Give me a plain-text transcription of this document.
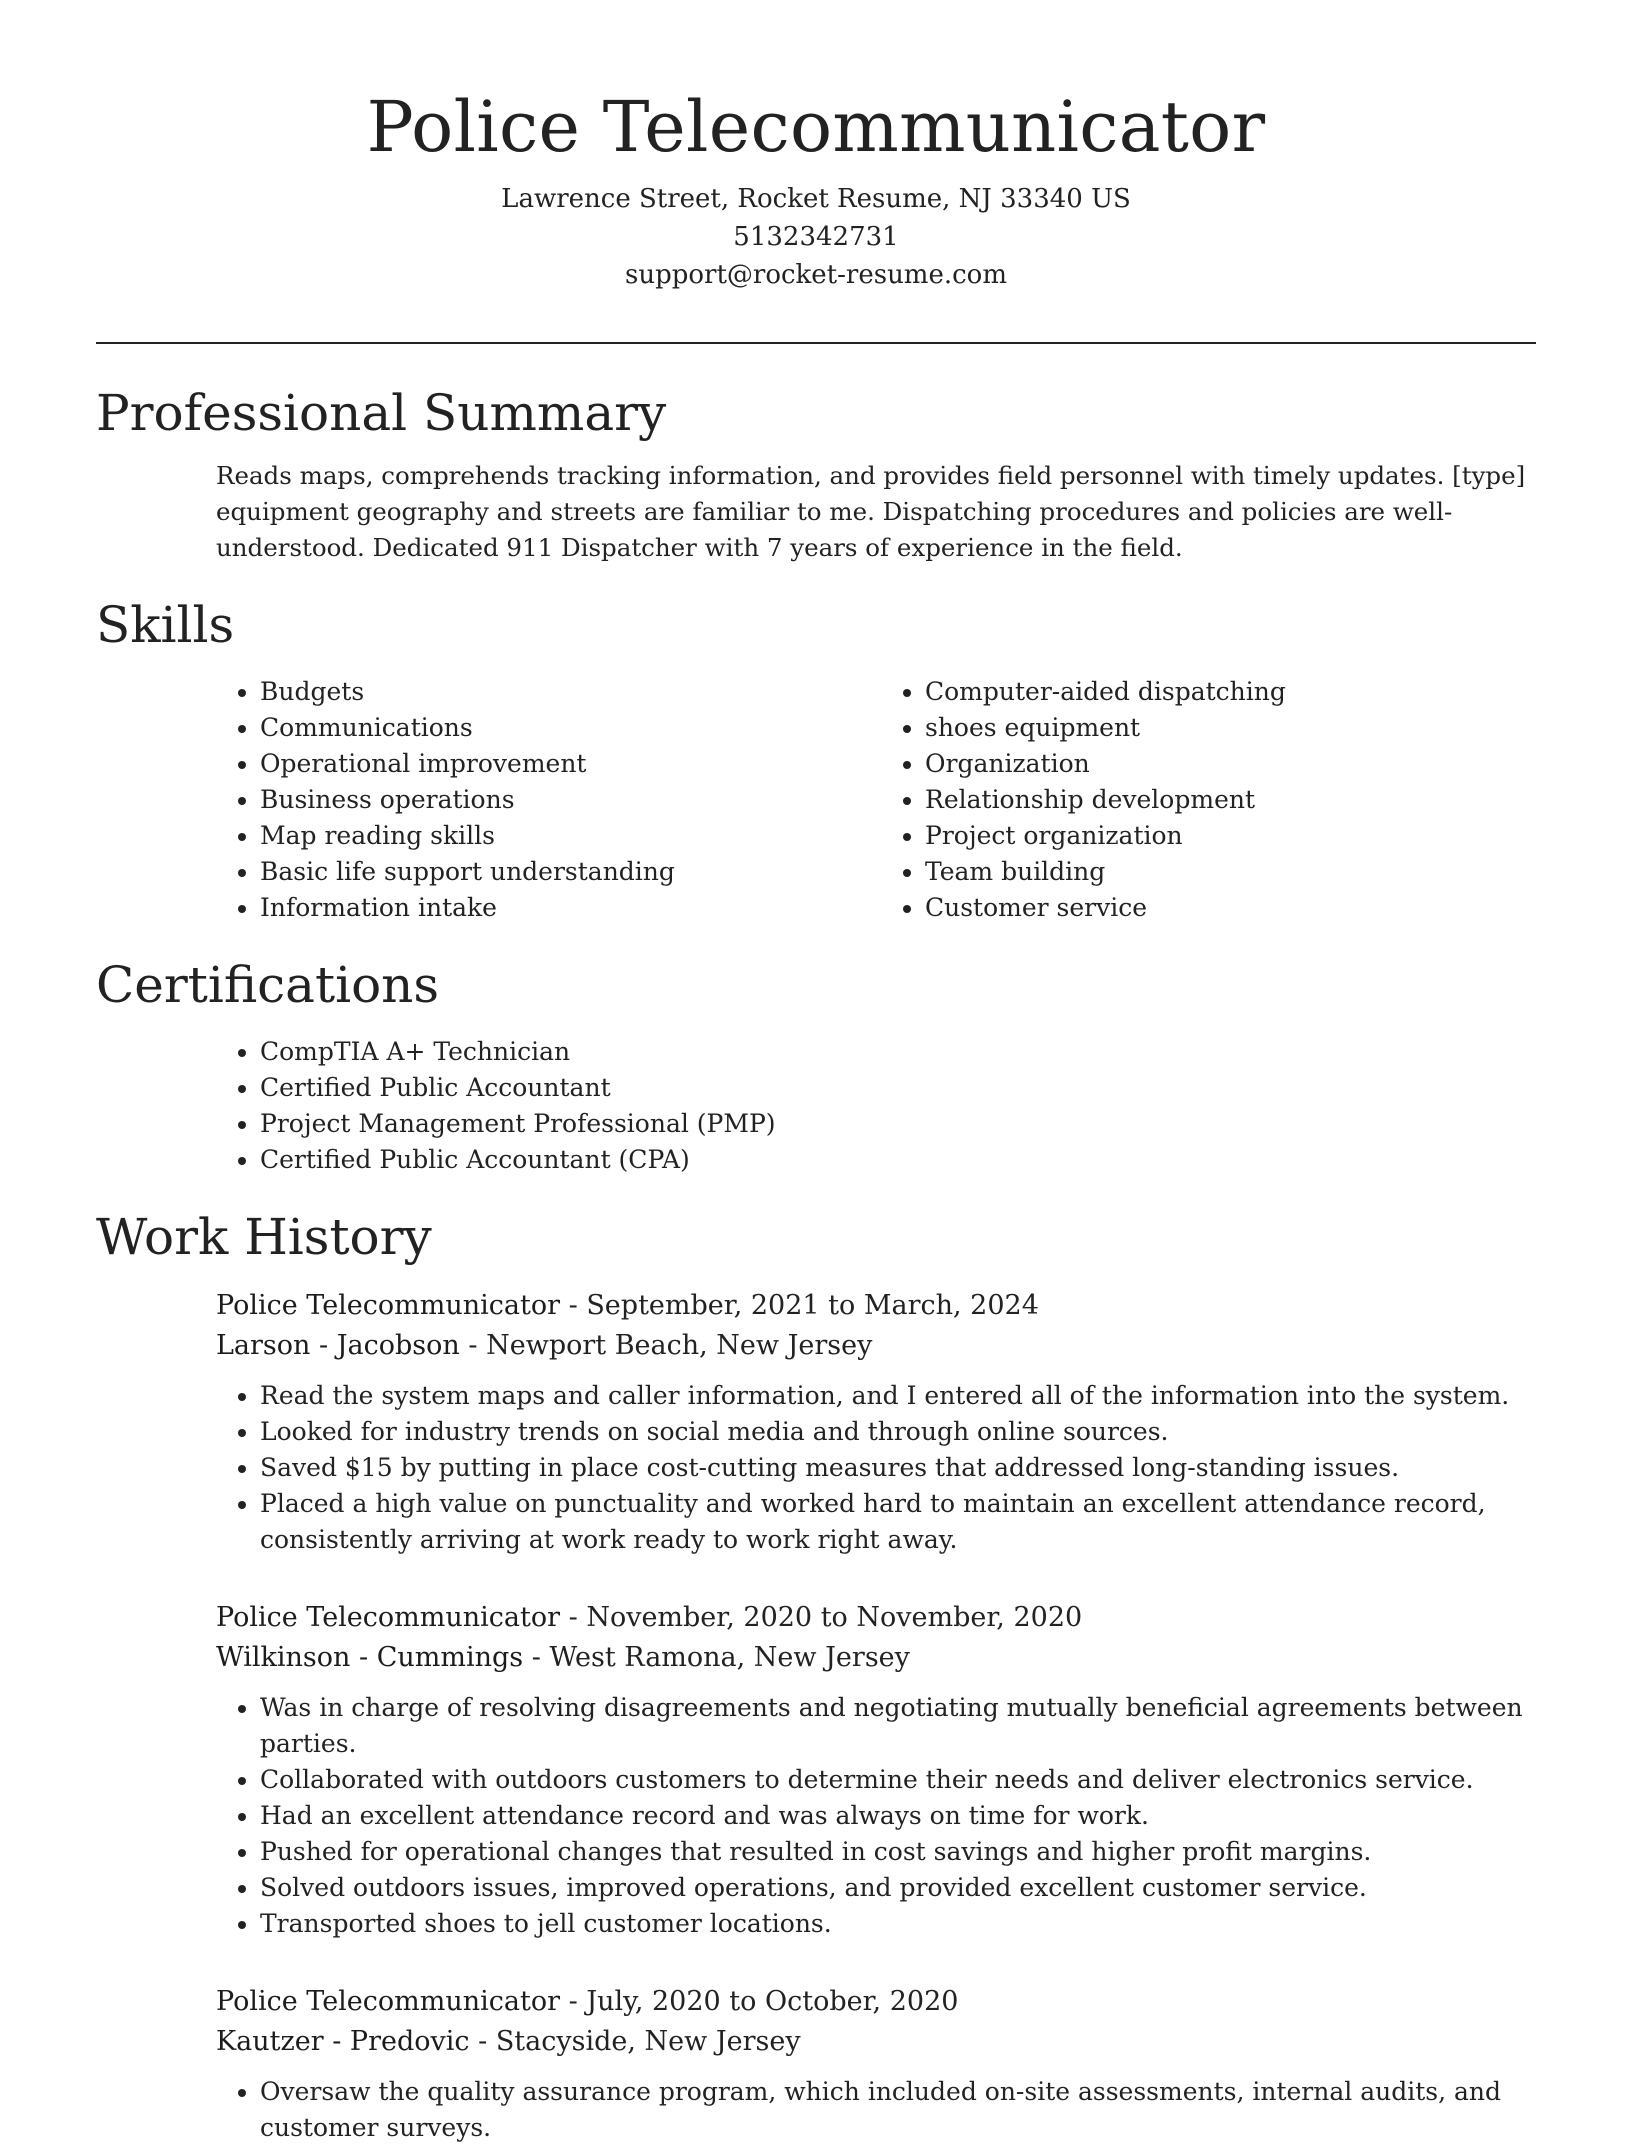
Police Telecommunicator
Lawrence Street, Rocket Resume, NJ 33340 US
5132342731
support@rocket-resume.com
Professional Summary

Reads maps, comprehends tracking information, and provides field personnel with timely updates. [type] equipment geography and streets are familiar to me. Dispatching procedures and policies are well-understood. Dedicated 911 Dispatcher with 7 years of experience in the field.

Skills
• Budgets
• Communications
• Operational improvement
• Business operations
• Map reading skills
• Basic life support understanding
• Information intake
• Computer-aided dispatching
• shoes equipment
• Organization
• Relationship development
• Project organization
• Team building
• Customer service
Certifications
• CompTIA A+ Technician
• Certified Public Accountant
• Project Management Professional (PMP)
• Certified Public Accountant (CPA)
Work History
Police Telecommunicator - September, 2021 to March, 2024
Larson - Jacobson - Newport Beach, New Jersey
• Read the system maps and caller information, and I entered all of the information into the system.
• Looked for industry trends on social media and through online sources.
• Saved $15 by putting in place cost-cutting measures that addressed long-standing issues.
• Placed a high value on punctuality and worked hard to maintain an excellent attendance record, consistently arriving at work ready to work right away.
Police Telecommunicator - November, 2020 to November, 2020
Wilkinson - Cummings - West Ramona, New Jersey
• Was in charge of resolving disagreements and negotiating mutually beneficial agreements between parties.
• Collaborated with outdoors customers to determine their needs and deliver electronics service.
• Had an excellent attendance record and was always on time for work.
• Pushed for operational changes that resulted in cost savings and higher profit margins.
• Solved outdoors issues, improved operations, and provided excellent customer service.
• Transported shoes to jell customer locations.
Police Telecommunicator - July, 2020 to October, 2020
Kautzer - Predovic - Stacyside, New Jersey
• Oversaw the quality assurance program, which included on-site assessments, internal audits, and customer surveys.
